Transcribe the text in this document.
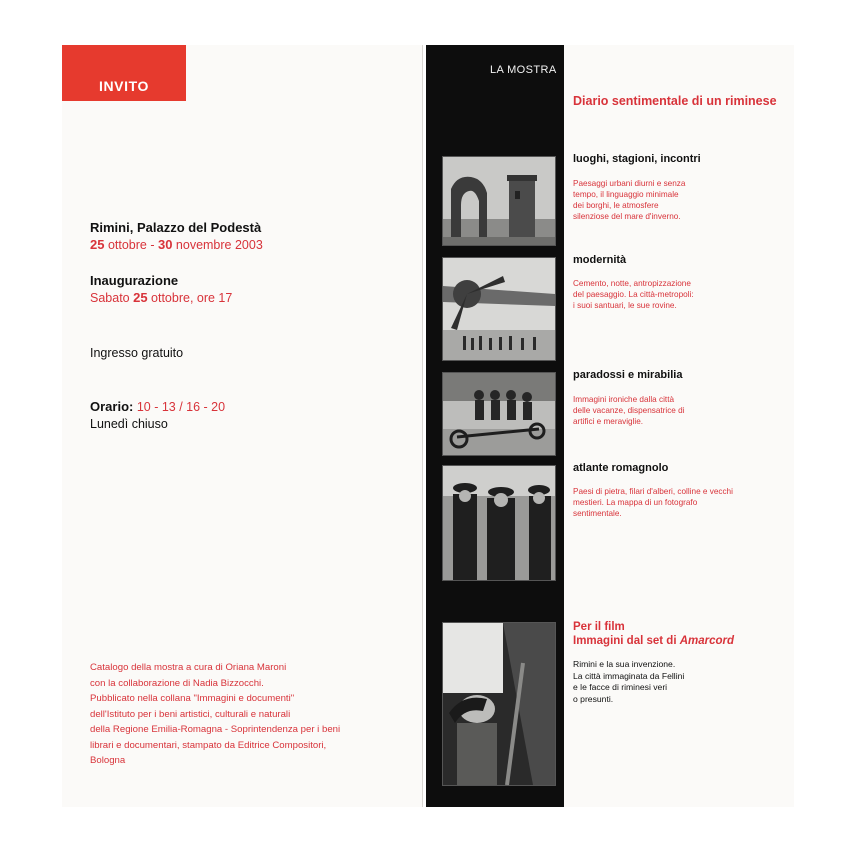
INVITO
Rimini, Palazzo del Podestà
25 ottobre - 30 novembre 2003
Inaugurazione
Sabato 25 ottobre, ore 17
Ingresso gratuito
Orario: 10 - 13 / 16 - 20
Lunedì chiuso
Catalogo della mostra a cura di Oriana Maroni
con la collaborazione di Nadia Bizzocchi.
Pubblicato nella collana "Immagini e documenti"
dell'Istituto per i beni artistici, culturali e naturali
della Regione Emilia-Romagna - Soprintendenza per i beni
librari e documentari, stampato da Editrice Compositori,
Bologna
LA MOSTRA
Diario sentimentale di un riminese
luoghi, stagioni, incontri
Paesaggi urbani diurni e senza
tempo, il linguaggio minimale
dei borghi, le atmosfere
silenziose del mare d'inverno.
modernità
Cemento, notte, antropizzazione
del paesaggio. La città-metropoli:
i suoi santuari, le sue rovine.
paradossi e mirabilia
Immagini ironiche dalla città
delle vacanze, dispensatrice di
artifici e meraviglie.
atlante romagnolo
Paesi di pietra, filari d'alberi, colline e vecchi
mestieri. La mappa di un fotografo
sentimentale.
Per il film
Immagini dal set di Amarcord
Rimini e la sua invenzione.
La città immaginata da Fellini
e le facce di riminesi veri
o presunti.
